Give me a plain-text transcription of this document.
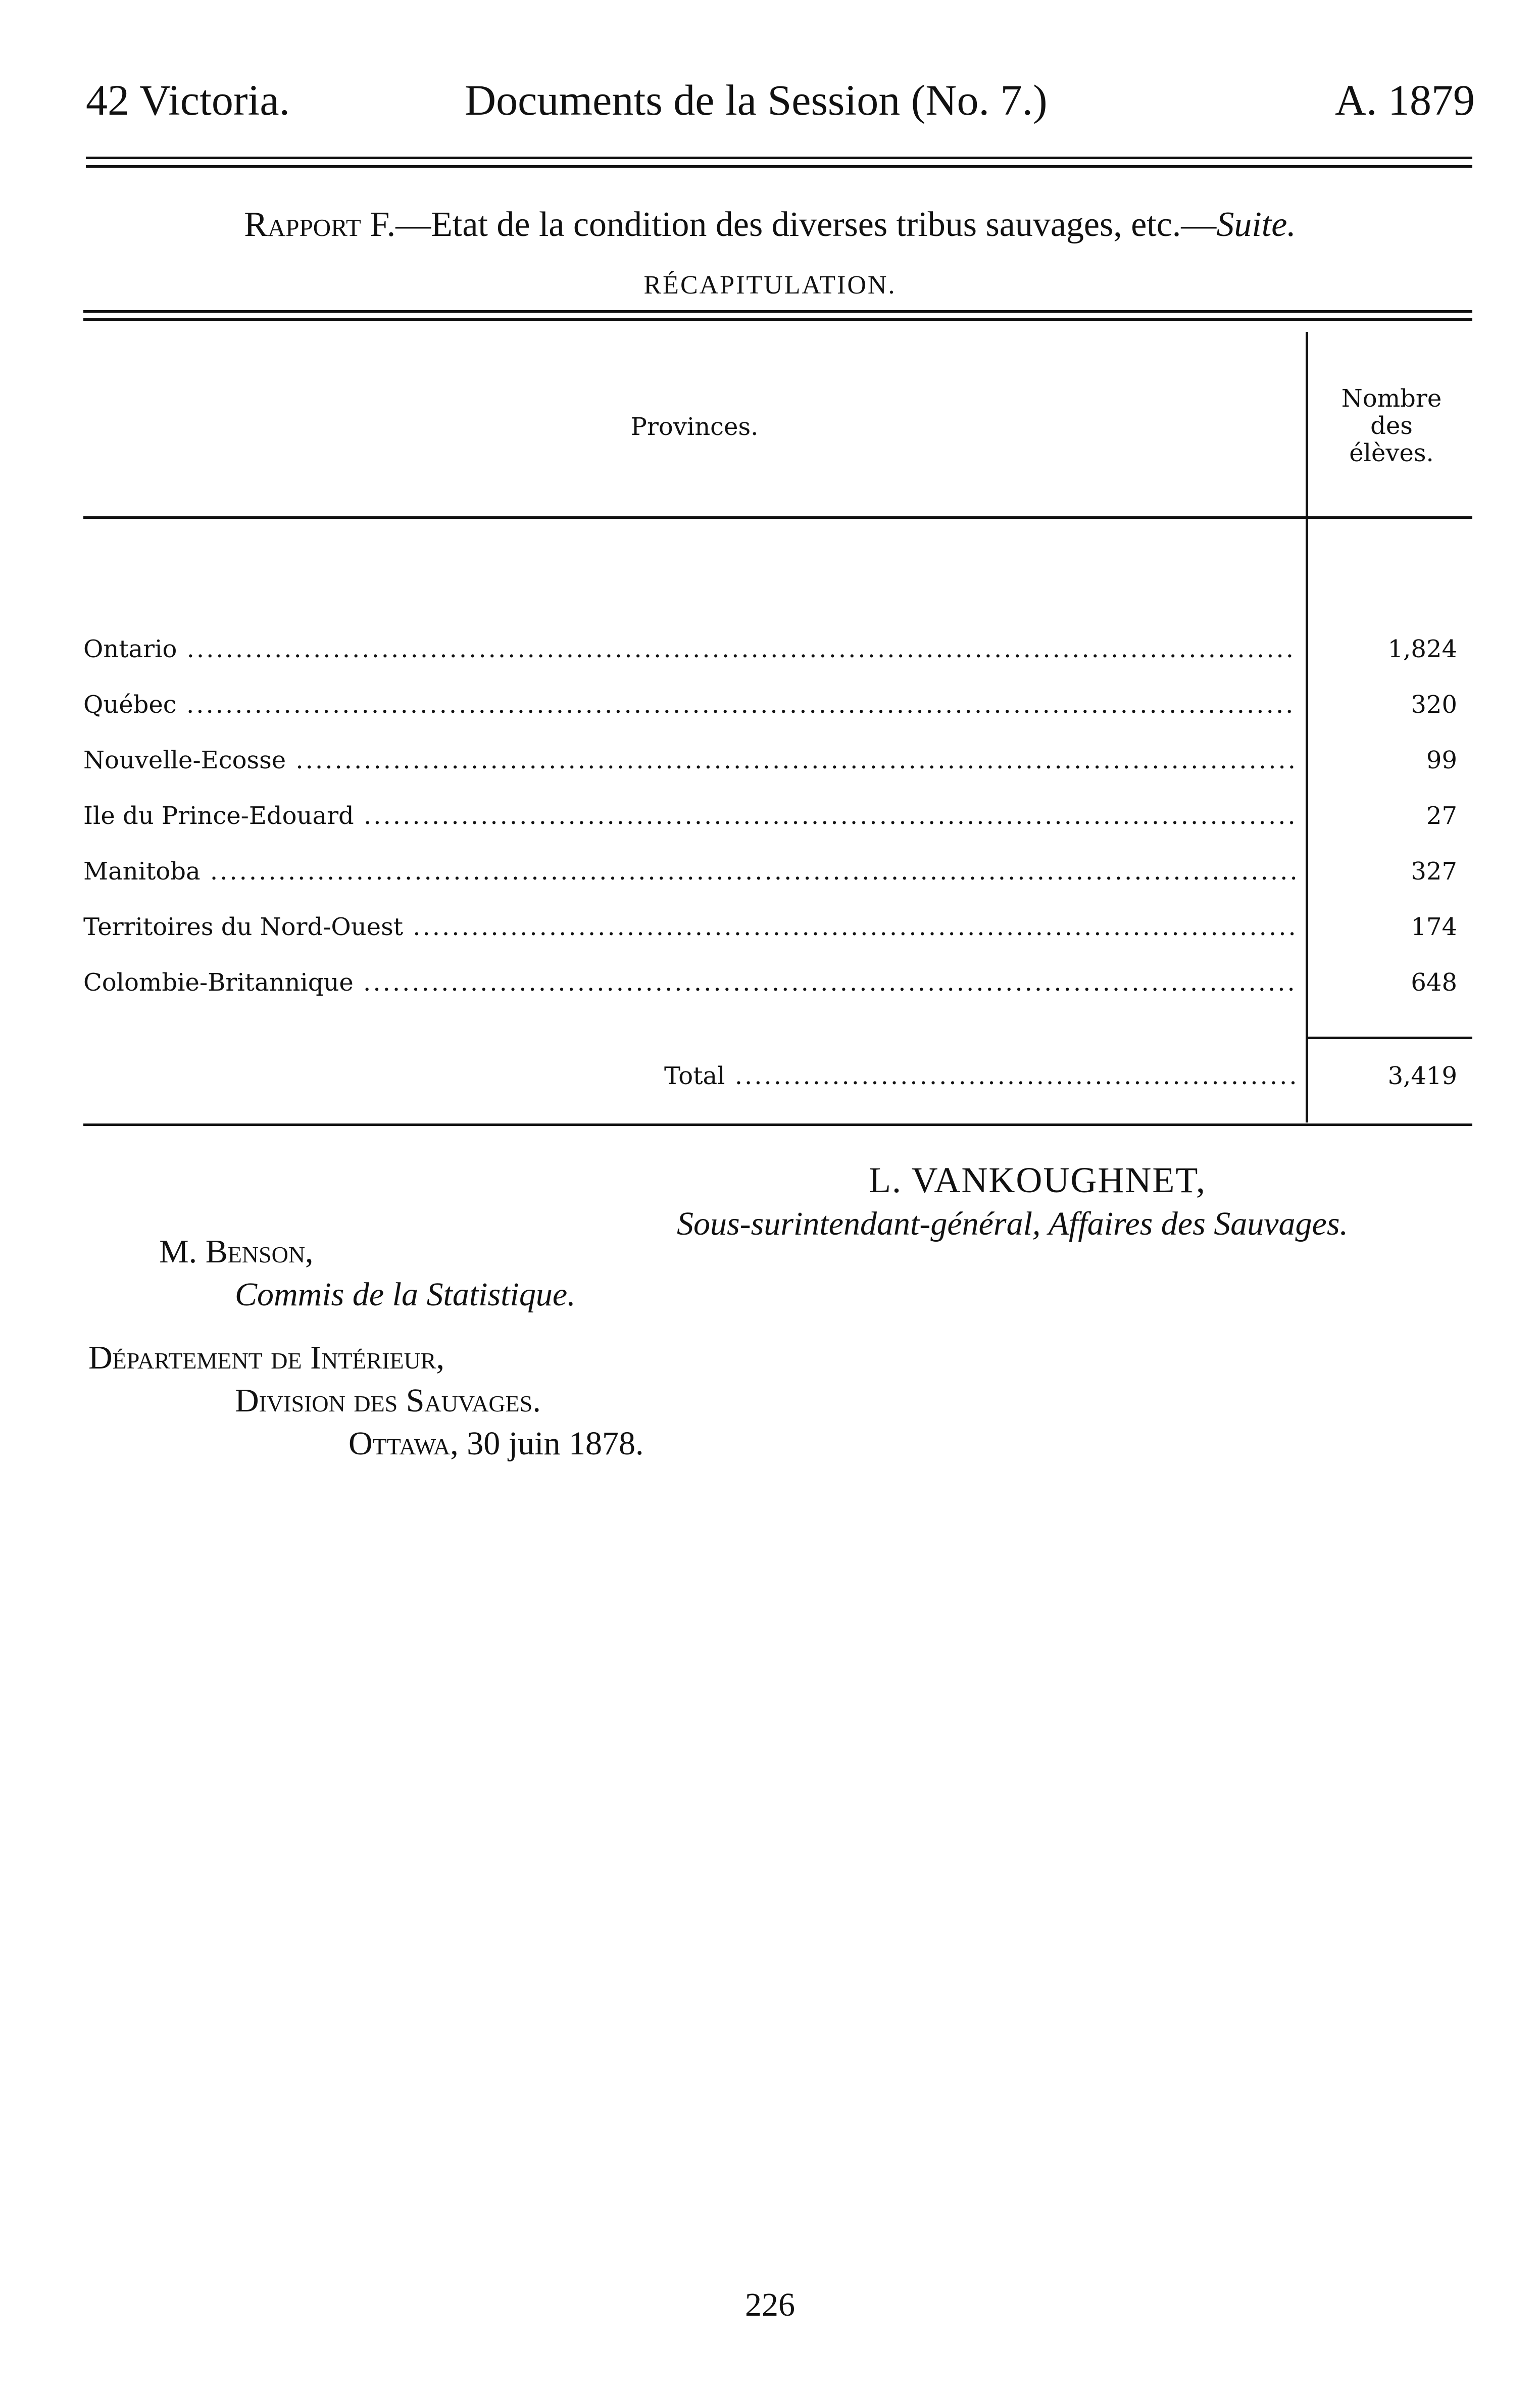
42 Victoria.	Documents de la Session (No. 7.)	A. 1879
Rapport F.—Etat de la condition des diverses tribus sauvages, etc.—Suite.
RÉCAPITULATION.
Provinces.
Nombre
des
élèves.
Ontario .....	1,824
Québec .....	320
Nouvelle-Ecosse .....	99
Ile du Prince-Edouard .....	27
Manitoba .....	327
Territoires du Nord-Ouest .....	174
Colombie-Britannique .....	648
Total .....	3,419
L. VANKOUGHNET,
Sous-surintendant-général, Affaires des Sauvages.
M. Benson,
Commis de la Statistique.
Département de Intérieur,
Division des Sauvages.
Ottawa, 30 juin 1878.
226
